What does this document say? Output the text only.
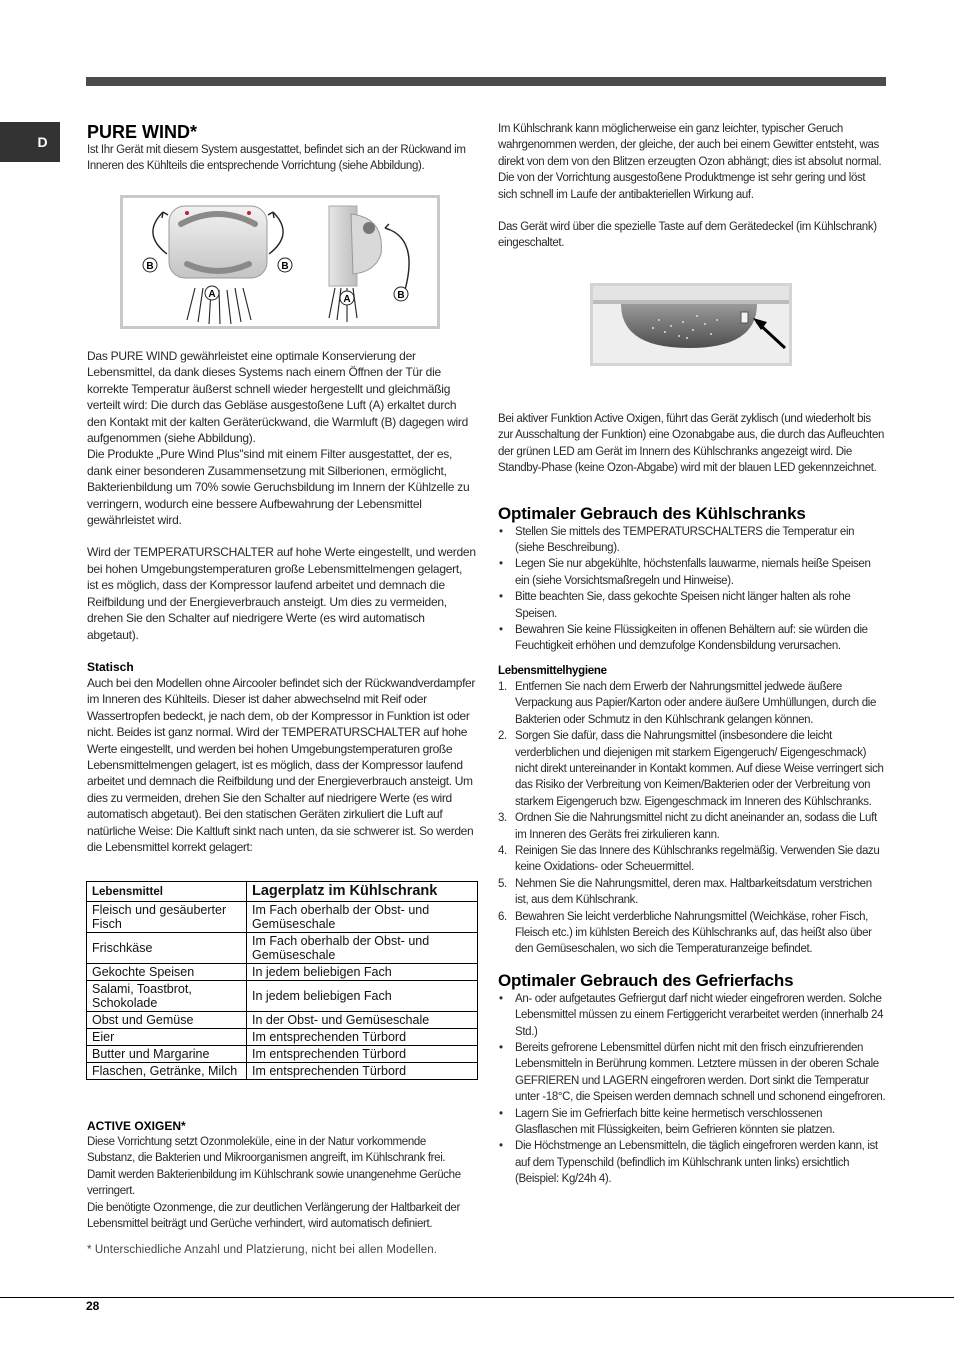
D	PURE WIND*
Ist Ihr Gerät mit diesem System ausgestattet, befindet sich an der Rückwand im Inneren des Kühlteils die entsprechende Vorrichtung (siehe Abbildung).
B	B
A	A	B
Das PURE WIND gewährleistet eine optimale Konservierung der Lebensmittel, da dank dieses Systems nach einem Öffnen der Tür die korrekte Temperatur äußerst schnell wieder hergestellt und gleichmäßig verteilt wird: Die durch das Gebläse ausgestoßene Luft (A) erkaltet durch den Kontakt mit der kalten Geräterückwand, die Warmluft (B) dagegen wird aufgenommen (siehe Abbildung).
Die Produkte „Pure Wind Plus"sind mit einem Filter ausgestattet, der es, dank einer besonderen Zusammensetzung mit Silberionen, ermöglicht, Bakterienbildung um 70% sowie Geruchsbildung im Innern der Kühlzelle zu verringern, wodurch eine bessere Aufbewahrung der Lebensmittel gewährleistet wird.
Wird der TEMPERATURSCHALTER auf hohe Werte eingestellt, und werden bei hohen Umgebungstemperaturen große Lebensmittelmengen gelagert, ist es möglich, dass der Kompressor laufend arbeitet und demnach die Reifbildung und der Energieverbrauch ansteigt. Um dies zu vermeiden, drehen Sie den Schalter auf niedrigere Werte (es wird automatisch abgetaut).
Statisch
Auch bei den Modellen ohne Aircooler befindet sich der Rückwandverdampfer im Inneren des Kühlteils. Dieser ist daher abwechselnd mit Reif oder Wassertropfen bedeckt, je nach dem, ob der Kompressor in Funktion ist oder nicht. Beides ist ganz normal. Wird der TEMPERATURSCHALTER auf hohe Werte eingestellt, und werden bei hohen Umgebungstemperaturen große Lebensmittelmengen gelagert, ist es möglich, dass der Kompressor laufend arbeitet und demnach die Reifbildung und der Energieverbrauch ansteigt. Um dies zu vermeiden, drehen Sie den Schalter auf niedrigere Werte (es wird automatisch abgetaut). Bei den statischen Geräten zirkuliert die Luft auf natürliche Weise: Die Kaltluft sinkt nach unten, da sie schwerer ist. So werden die Lebensmittel korrekt gelagert:
Lebensmittel	Lagerplatz im Kühlschrank
Fleisch und gesäuberter Fisch	Im Fach oberhalb der Obst- und Gemüseschale
Frischkäse	Im Fach oberhalb der Obst- und Gemüseschale
Gekochte Speisen	In jedem beliebigen Fach
Salami, Toastbrot, Schokolade	In jedem beliebigen Fach
Obst und Gemüse	In der Obst- und Gemüseschale
Eier	Im entsprechenden Türbord
Butter und Margarine	Im entsprechenden Türbord
Flaschen, Getränke, Milch	Im entsprechenden Türbord
ACTIVE OXIGEN*
Diese Vorrichtung setzt Ozonmoleküle, eine in der Natur vorkommende Substanz, die Bakterien und Mikroorganismen angreift, im Kühlschrank frei. Damit werden Bakterienbildung im Kühlschrank sowie unangenehme Gerüche verringert.
Die benötigte Ozonmenge, die zur deutlichen Verlängerung der Haltbarkeit der Lebensmittel beiträgt und Gerüche verhindert, wird automatisch definiert.
* Unterschiedliche Anzahl und Platzierung, nicht bei allen Modellen.
Im Kühlschrank kann möglicherweise ein ganz leichter, typischer Geruch wahrgenommen werden, der gleiche, der auch bei einem Gewitter entsteht, was direkt von dem von den Blitzen erzeugten Ozon abhängt; dies ist absolut normal. Die von der Vorrichtung ausgestoßene Produktmenge ist sehr gering und löst sich schnell im Laufe der antibakteriellen Wirkung auf.
Das Gerät wird über die spezielle Taste auf dem Gerätedeckel (im Kühlschrank) eingeschaltet.
Bei aktiver Funktion Active Oxigen, führt das Gerät zyklisch (und wiederholt bis zur Ausschaltung der Funktion) eine Ozonabgabe aus, die durch das Aufleuchten der grünen LED am Gerät im Innern des Kühlschranks angezeigt wird. Die Standby-Phase (keine Ozon-Abgabe) wird mit der blauen LED gekennzeichnet.
Optimaler Gebrauch des Kühlschranks
• Stellen Sie mittels des TEMPERATURSCHALTERS die Temperatur ein (siehe Beschreibung).
• Legen Sie nur abgekühlte, höchstenfalls lauwarme, niemals heiße Speisen ein (siehe Vorsichtsmaßregeln und Hinweise).
• Bitte beachten Sie, dass gekochte Speisen nicht länger halten als rohe Speisen.
• Bewahren Sie keine Flüssigkeiten in offenen Behältern auf: sie würden die Feuchtigkeit erhöhen und demzufolge Kondensbildung verursachen.
Lebensmittelhygiene
1. Entfernen Sie nach dem Erwerb der Nahrungsmittel jedwede äußere Verpackung aus Papier/Karton oder andere äußere Umhüllungen, durch die Bakterien oder Schmutz in den Kühlschrank gelangen können.
2. Sorgen Sie dafür, dass die Nahrungsmittel (insbesondere die leicht verderblichen und diejenigen mit starkem Eigengeruch/ Eigengeschmack) nicht direkt untereinander in Kontakt kommen. Auf diese Weise verringert sich das Risiko der Verbreitung von Keimen/Bakterien oder der Verbreitung von starkem Eigengeruch bzw. Eigengeschmack im Inneren des Kühlschranks.
3. Ordnen Sie die Nahrungsmittel nicht zu dicht aneinander an, sodass die Luft im Inneren des Geräts frei zirkulieren kann.
4. Reinigen Sie das Innere des Kühlschranks regelmäßig. Verwenden Sie dazu keine Oxidations- oder Scheuermittel.
5. Nehmen Sie die Nahrungsmittel, deren max. Haltbarkeitsdatum verstrichen ist, aus dem Kühlschrank.
6. Bewahren Sie leicht verderbliche Nahrungsmittel (Weichkäse, roher Fisch, Fleisch etc.) im kühlsten Bereich des Kühlschranks auf, das heißt also über den Gemüseschalen, wo sich die Temperaturanzeige befindet.
Optimaler Gebrauch des Gefrierfachs
• An- oder aufgetautes Gefriergut darf nicht wieder eingefroren werden. Solche Lebensmittel müssen zu einem Fertiggericht verarbeitet werden (innerhalb 24 Std.)
• Bereits gefrorene Lebensmittel dürfen nicht mit den frisch einzufrierenden Lebensmitteln in Berührung kommen. Letztere müssen in der oberen Schale GEFRIEREN und LAGERN eingefroren werden. Dort sinkt die Temperatur unter -18°C, die Speisen werden demnach schnell und schonend eingefroren.
• Lagern Sie im Gefrierfach bitte keine hermetisch verschlossenen Glasflaschen mit Flüssigkeiten, beim Gefrieren könnten sie platzen.
• Die Höchstmenge an Lebensmitteln, die täglich eingefroren werden kann, ist auf dem Typenschild (befindlich im Kühlschrank unten links) ersichtlich (Beispiel: Kg/24h 4).
28
